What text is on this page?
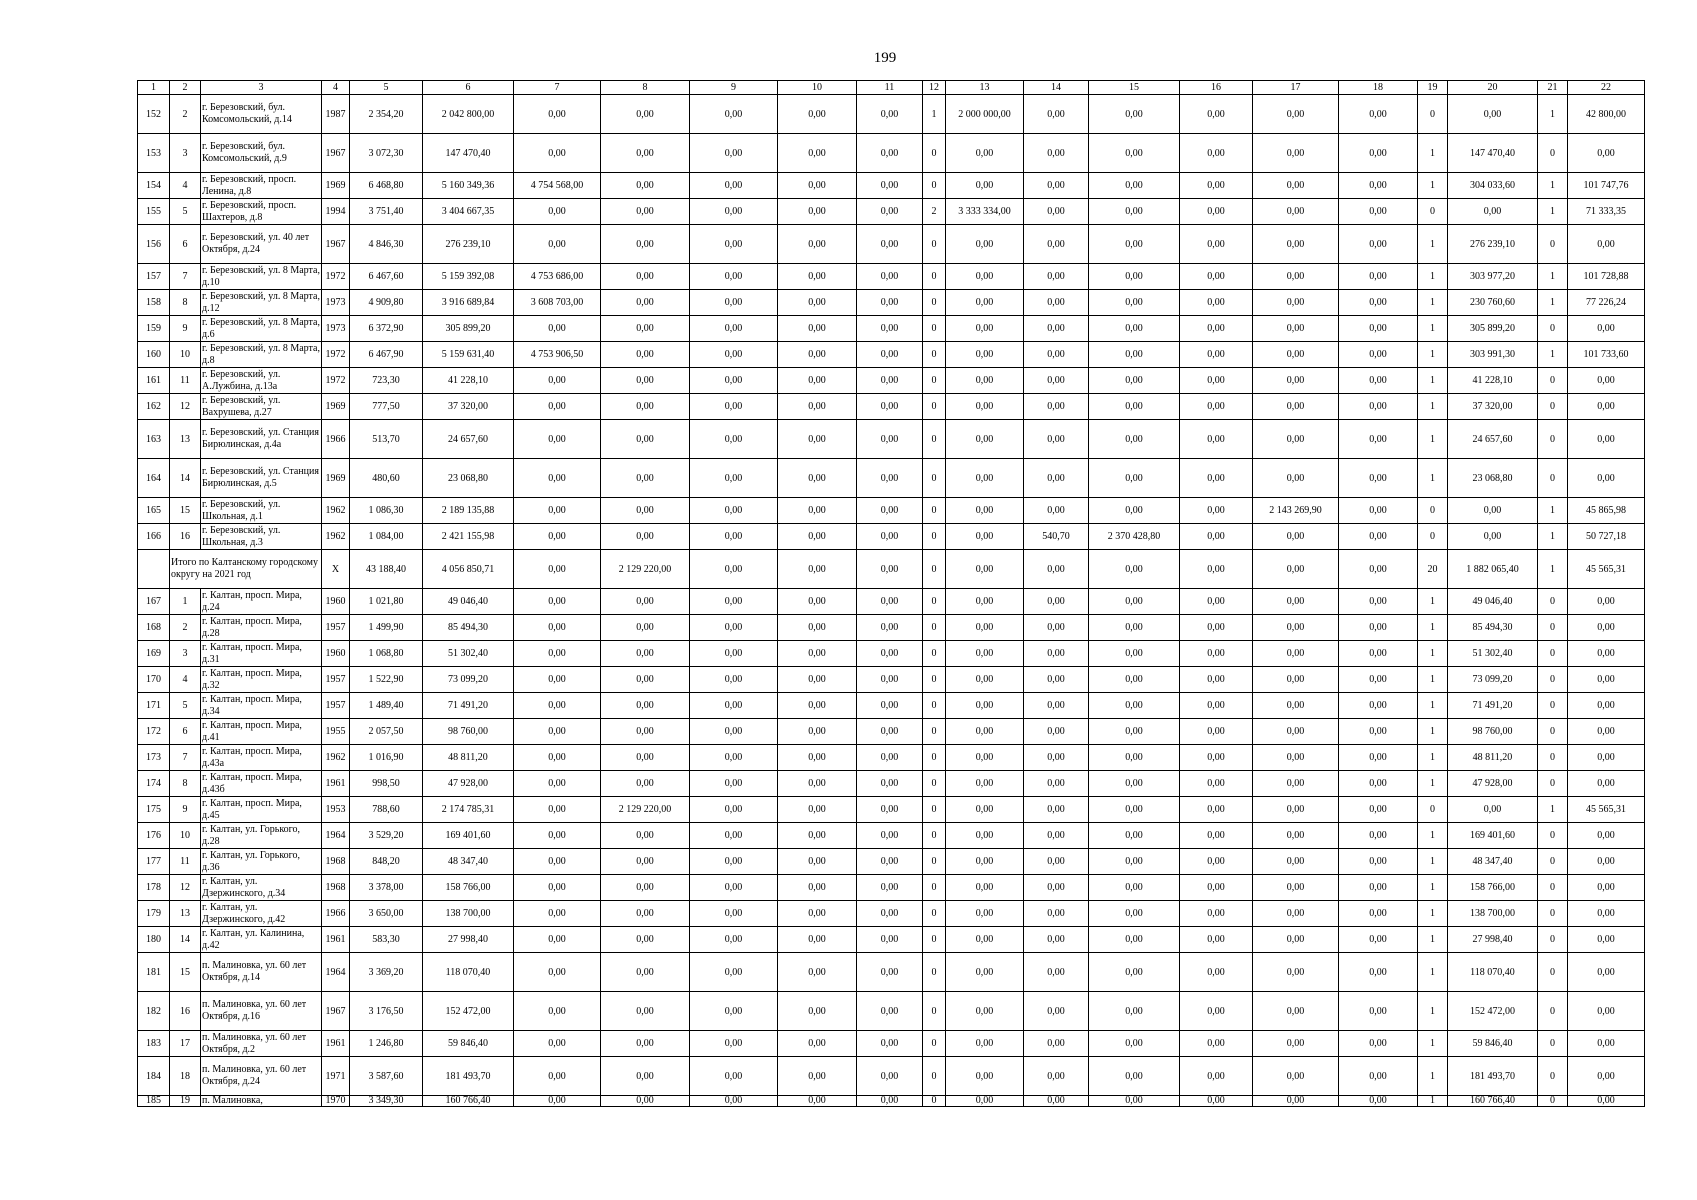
199
1	2	3	4	5	6	7	8	9	10	11	12	13	14	15	16	17	18	19	20	21	22
152	2	г. Березовский, бул. Комсомольский, д.14	1987	2 354,20	2 042 800,00	0,00	0,00	0,00	0,00	0,00	1	2 000 000,00	0,00	0,00	0,00	0,00	0,00	0	0,00	1	42 800,00
153	3	г. Березовский, бул. Комсомольский, д.9	1967	3 072,30	147 470,40	0,00	0,00	0,00	0,00	0,00	0	0,00	0,00	0,00	0,00	0,00	0,00	1	147 470,40	0	0,00
154	4	г. Березовский, просп. Ленина, д.8	1969	6 468,80	5 160 349,36	4 754 568,00	0,00	0,00	0,00	0,00	0	0,00	0,00	0,00	0,00	0,00	0,00	1	304 033,60	1	101 747,76
155	5	г. Березовский, просп. Шахтеров, д.8	1994	3 751,40	3 404 667,35	0,00	0,00	0,00	0,00	0,00	2	3 333 334,00	0,00	0,00	0,00	0,00	0,00	0	0,00	1	71 333,35
156	6	г. Березовский, ул. 40 лет Октября, д.24	1967	4 846,30	276 239,10	0,00	0,00	0,00	0,00	0,00	0	0,00	0,00	0,00	0,00	0,00	0,00	1	276 239,10	0	0,00
157	7	г. Березовский, ул. 8 Марта, д.10	1972	6 467,60	5 159 392,08	4 753 686,00	0,00	0,00	0,00	0,00	0	0,00	0,00	0,00	0,00	0,00	0,00	1	303 977,20	1	101 728,88
158	8	г. Березовский, ул. 8 Марта, д.12	1973	4 909,80	3 916 689,84	3 608 703,00	0,00	0,00	0,00	0,00	0	0,00	0,00	0,00	0,00	0,00	0,00	1	230 760,60	1	77 226,24
159	9	г. Березовский, ул. 8 Марта, д.6	1973	6 372,90	305 899,20	0,00	0,00	0,00	0,00	0,00	0	0,00	0,00	0,00	0,00	0,00	0,00	1	305 899,20	0	0,00
160	10	г. Березовский, ул. 8 Марта, д.8	1972	6 467,90	5 159 631,40	4 753 906,50	0,00	0,00	0,00	0,00	0	0,00	0,00	0,00	0,00	0,00	0,00	1	303 991,30	1	101 733,60
161	11	г. Березовский, ул. А.Лужбина, д.13а	1972	723,30	41 228,10	0,00	0,00	0,00	0,00	0,00	0	0,00	0,00	0,00	0,00	0,00	0,00	1	41 228,10	0	0,00
162	12	г. Березовский, ул. Вахрушева, д.27	1969	777,50	37 320,00	0,00	0,00	0,00	0,00	0,00	0	0,00	0,00	0,00	0,00	0,00	0,00	1	37 320,00	0	0,00
163	13	г. Березовский, ул. Станция Бирюлинская, д.4а	1966	513,70	24 657,60	0,00	0,00	0,00	0,00	0,00	0	0,00	0,00	0,00	0,00	0,00	0,00	1	24 657,60	0	0,00
164	14	г. Березовский, ул. Станция Бирюлинская, д.5	1969	480,60	23 068,80	0,00	0,00	0,00	0,00	0,00	0	0,00	0,00	0,00	0,00	0,00	0,00	1	23 068,80	0	0,00
165	15	г. Березовский, ул. Школьная, д.1	1962	1 086,30	2 189 135,88	0,00	0,00	0,00	0,00	0,00	0	0,00	0,00	0,00	0,00	2 143 269,90	0,00	0	0,00	1	45 865,98
166	16	г. Березовский, ул. Школьная, д.3	1962	1 084,00	2 421 155,98	0,00	0,00	0,00	0,00	0,00	0	0,00	540,70	2 370 428,80	0,00	0,00	0,00	0	0,00	1	50 727,18
	Итого по Калтанскому городскому округу на 2021 год		X	43 188,40	4 056 850,71	0,00	2 129 220,00	0,00	0,00	0,00	0	0,00	0,00	0,00	0,00	0,00	0,00	20	1 882 065,40	1	45 565,31
167	1	г. Калтан, просп. Мира, д.24	1960	1 021,80	49 046,40	0,00	0,00	0,00	0,00	0,00	0	0,00	0,00	0,00	0,00	0,00	0,00	1	49 046,40	0	0,00
168	2	г. Калтан, просп. Мира, д.28	1957	1 499,90	85 494,30	0,00	0,00	0,00	0,00	0,00	0	0,00	0,00	0,00	0,00	0,00	0,00	1	85 494,30	0	0,00
169	3	г. Калтан, просп. Мира, д.31	1960	1 068,80	51 302,40	0,00	0,00	0,00	0,00	0,00	0	0,00	0,00	0,00	0,00	0,00	0,00	1	51 302,40	0	0,00
170	4	г. Калтан, просп. Мира, д.32	1957	1 522,90	73 099,20	0,00	0,00	0,00	0,00	0,00	0	0,00	0,00	0,00	0,00	0,00	0,00	1	73 099,20	0	0,00
171	5	г. Калтан, просп. Мира, д.34	1957	1 489,40	71 491,20	0,00	0,00	0,00	0,00	0,00	0	0,00	0,00	0,00	0,00	0,00	0,00	1	71 491,20	0	0,00
172	6	г. Калтан, просп. Мира, д.41	1955	2 057,50	98 760,00	0,00	0,00	0,00	0,00	0,00	0	0,00	0,00	0,00	0,00	0,00	0,00	1	98 760,00	0	0,00
173	7	г. Калтан, просп. Мира, д.43а	1962	1 016,90	48 811,20	0,00	0,00	0,00	0,00	0,00	0	0,00	0,00	0,00	0,00	0,00	0,00	1	48 811,20	0	0,00
174	8	г. Калтан, просп. Мира, д.43б	1961	998,50	47 928,00	0,00	0,00	0,00	0,00	0,00	0	0,00	0,00	0,00	0,00	0,00	0,00	1	47 928,00	0	0,00
175	9	г. Калтан, просп. Мира, д.45	1953	788,60	2 174 785,31	0,00	2 129 220,00	0,00	0,00	0,00	0	0,00	0,00	0,00	0,00	0,00	0,00	0	0,00	1	45 565,31
176	10	г. Калтан, ул. Горького, д.28	1964	3 529,20	169 401,60	0,00	0,00	0,00	0,00	0,00	0	0,00	0,00	0,00	0,00	0,00	0,00	1	169 401,60	0	0,00
177	11	г. Калтан, ул. Горького, д.36	1968	848,20	48 347,40	0,00	0,00	0,00	0,00	0,00	0	0,00	0,00	0,00	0,00	0,00	0,00	1	48 347,40	0	0,00
178	12	г. Калтан, ул. Дзержинского, д.34	1968	3 378,00	158 766,00	0,00	0,00	0,00	0,00	0,00	0	0,00	0,00	0,00	0,00	0,00	0,00	1	158 766,00	0	0,00
179	13	г. Калтан, ул. Дзержинского, д.42	1966	3 650,00	138 700,00	0,00	0,00	0,00	0,00	0,00	0	0,00	0,00	0,00	0,00	0,00	0,00	1	138 700,00	0	0,00
180	14	г. Калтан, ул. Калинина, д.42	1961	583,30	27 998,40	0,00	0,00	0,00	0,00	0,00	0	0,00	0,00	0,00	0,00	0,00	0,00	1	27 998,40	0	0,00
181	15	п. Малиновка, ул. 60 лет Октября, д.14	1964	3 369,20	118 070,40	0,00	0,00	0,00	0,00	0,00	0	0,00	0,00	0,00	0,00	0,00	0,00	1	118 070,40	0	0,00
182	16	п. Малиновка, ул. 60 лет Октября, д.16	1967	3 176,50	152 472,00	0,00	0,00	0,00	0,00	0,00	0	0,00	0,00	0,00	0,00	0,00	0,00	1	152 472,00	0	0,00
183	17	п. Малиновка, ул. 60 лет Октября, д.2	1961	1 246,80	59 846,40	0,00	0,00	0,00	0,00	0,00	0	0,00	0,00	0,00	0,00	0,00	0,00	1	59 846,40	0	0,00
184	18	п. Малиновка, ул. 60 лет Октября, д.24	1971	3 587,60	181 493,70	0,00	0,00	0,00	0,00	0,00	0	0,00	0,00	0,00	0,00	0,00	0,00	1	181 493,70	0	0,00
185	19	п. Малиновка,	1970	3 349,30	160 766,40	0,00	0,00	0,00	0,00	0,00	0	0,00	0,00	0,00	0,00	0,00	0,00	1	160 766,40	0	0,00
